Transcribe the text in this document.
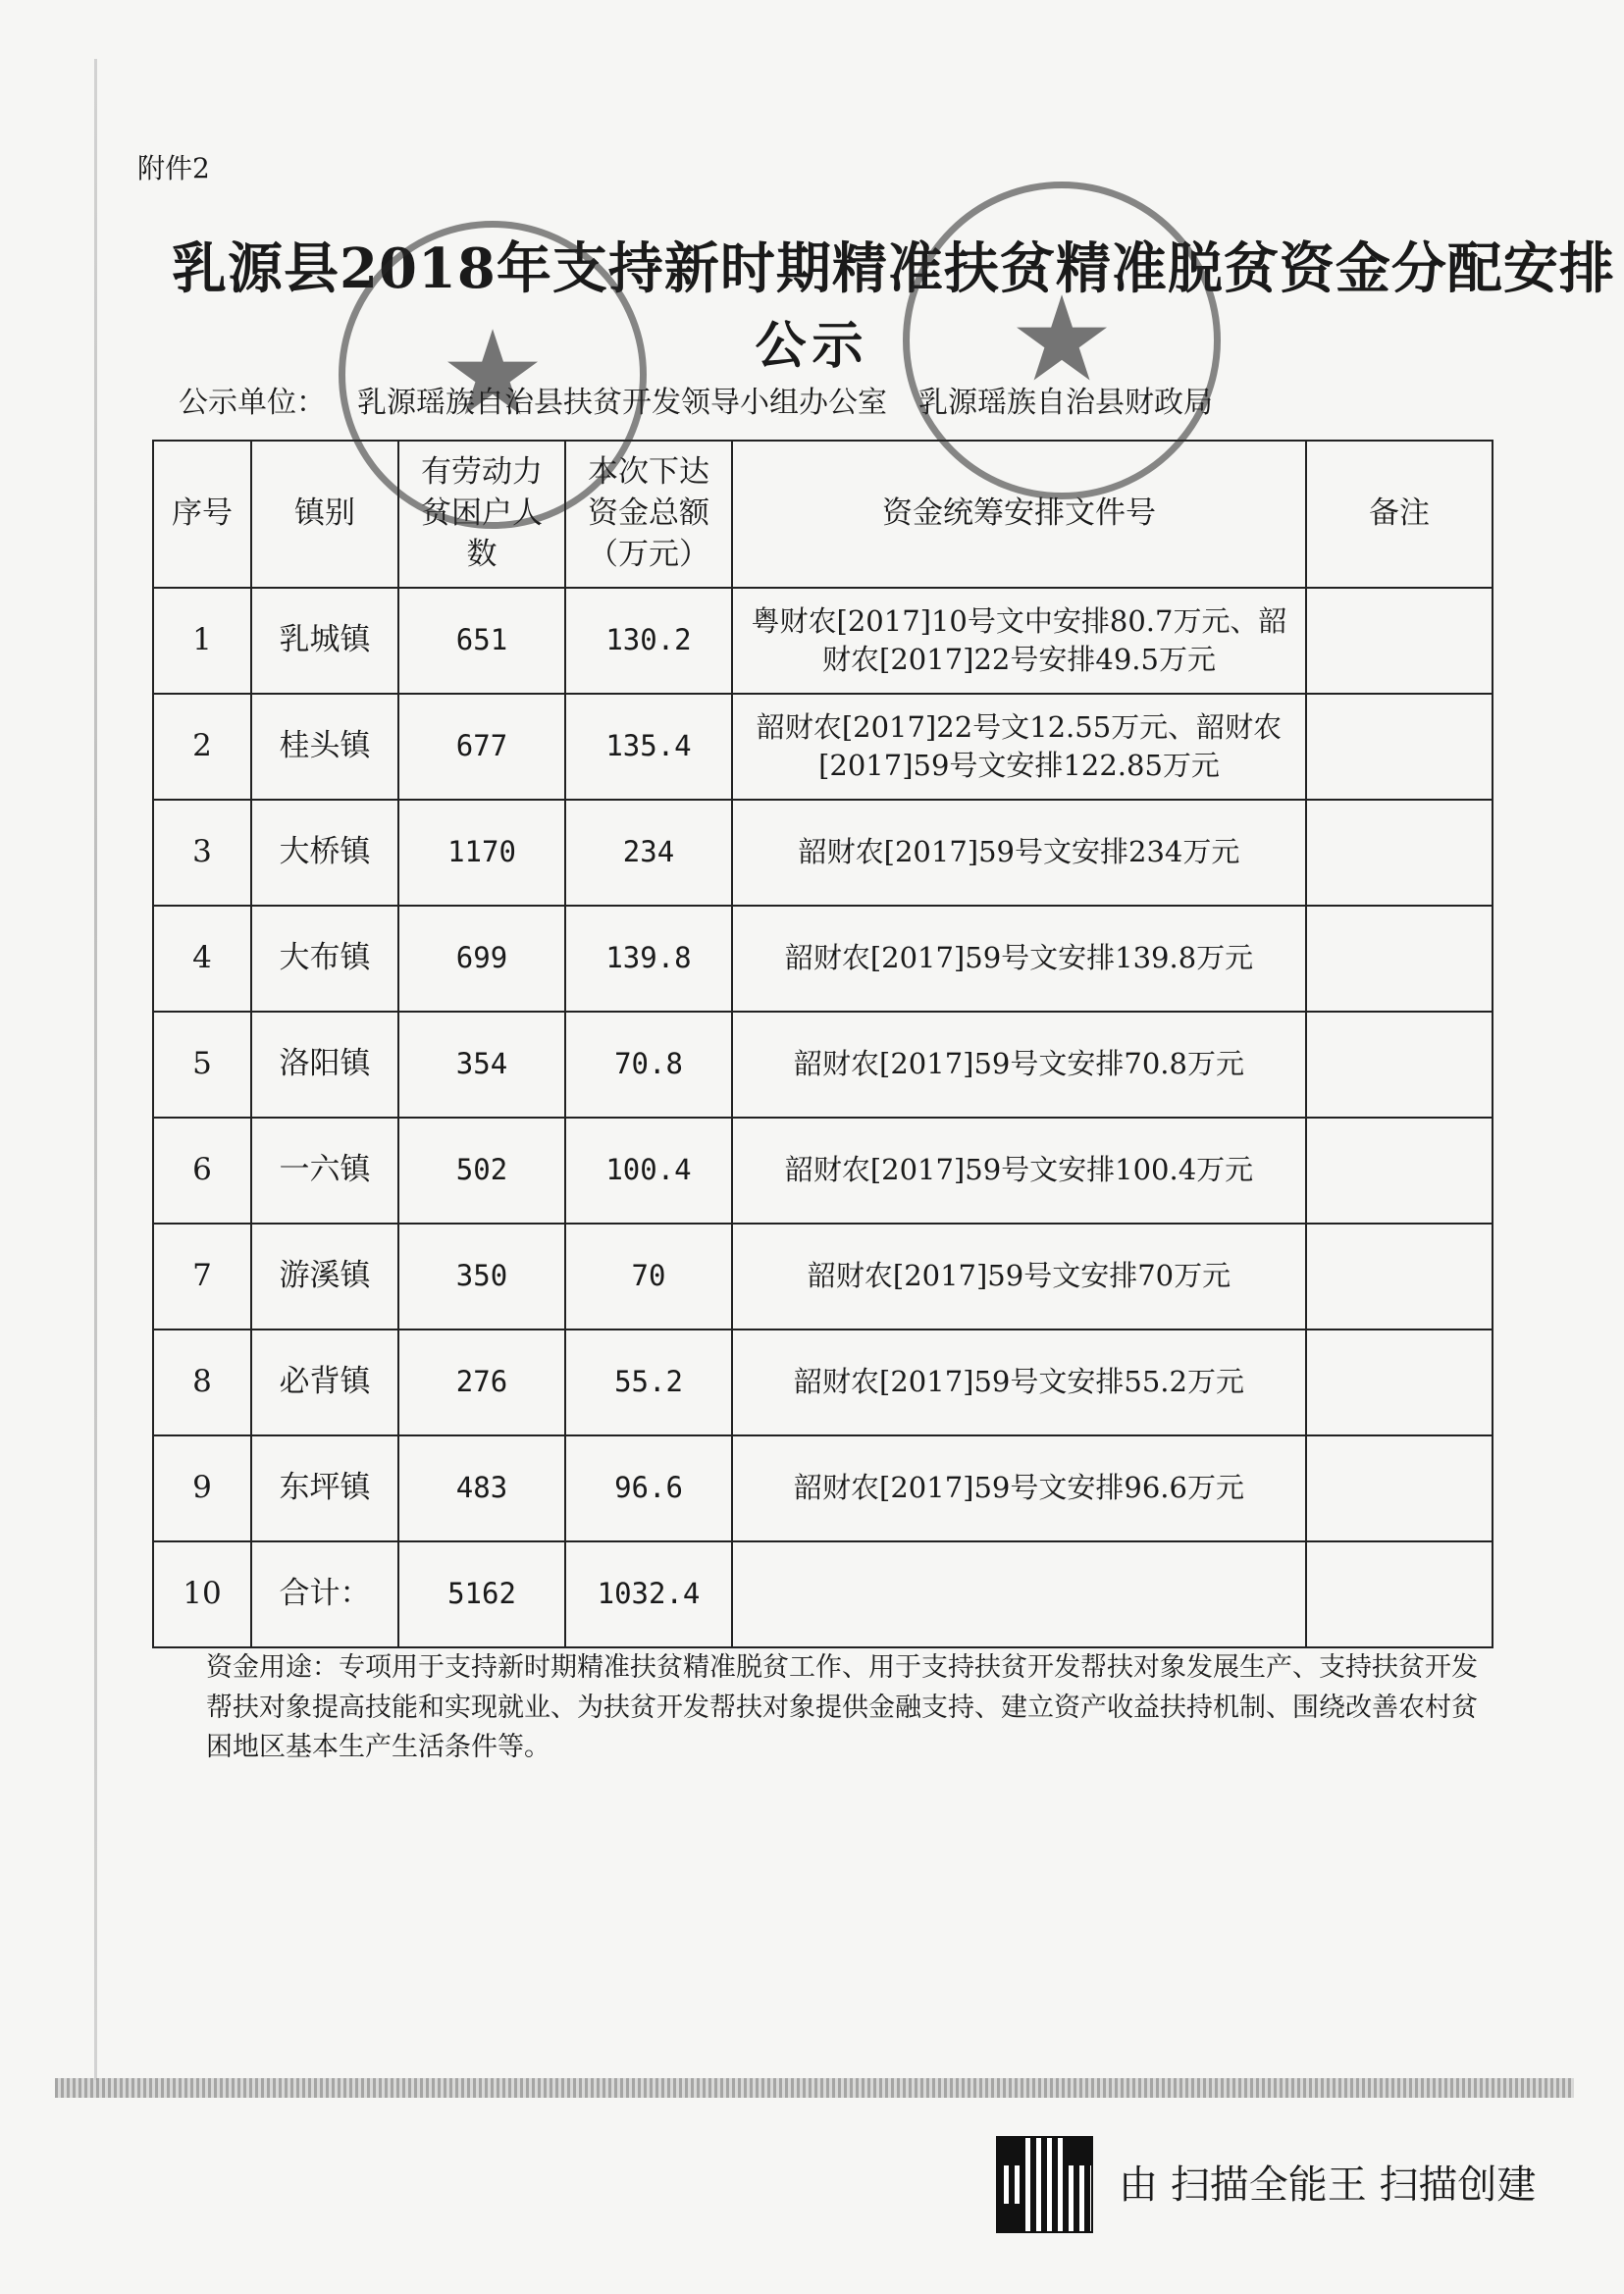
附件2
乳源县2018年支持新时期精准扶贫精准脱贫资金分配安排
公示
公示单位： 乳源瑶族自治县扶贫开发领导小组办公室 乳源瑶族自治县财政局
序号	镇别	有劳动力贫困户人数	本次下达资金总额（万元）	资金统筹安排文件号	备注
1	乳城镇	651	130.2	粤财农[2017]10号文中安排80.7万元、韶财农[2017]22号安排49.5万元	
2	桂头镇	677	135.4	韶财农[2017]22号文12.55万元、韶财农[2017]59号文安排122.85万元	
3	大桥镇	1170	234	韶财农[2017]59号文安排234万元	
4	大布镇	699	139.8	韶财农[2017]59号文安排139.8万元	
5	洛阳镇	354	70.8	韶财农[2017]59号文安排70.8万元	
6	一六镇	502	100.4	韶财农[2017]59号文安排100.4万元	
7	游溪镇	350	70	韶财农[2017]59号文安排70万元	
8	必背镇	276	55.2	韶财农[2017]59号文安排55.2万元	
9	东坪镇	483	96.6	韶财农[2017]59号文安排96.6万元	
10	合计：	5162	1032.4		
资金用途：专项用于支持新时期精准扶贫精准脱贫工作、用于支持扶贫开发帮扶对象发展生产、支持扶贫开发帮扶对象提高技能和实现就业、为扶贫开发帮扶对象提供金融支持、建立资产收益扶持机制、围绕改善农村贫困地区基本生产生活条件等。
★	★
由 扫描全能王 扫描创建
